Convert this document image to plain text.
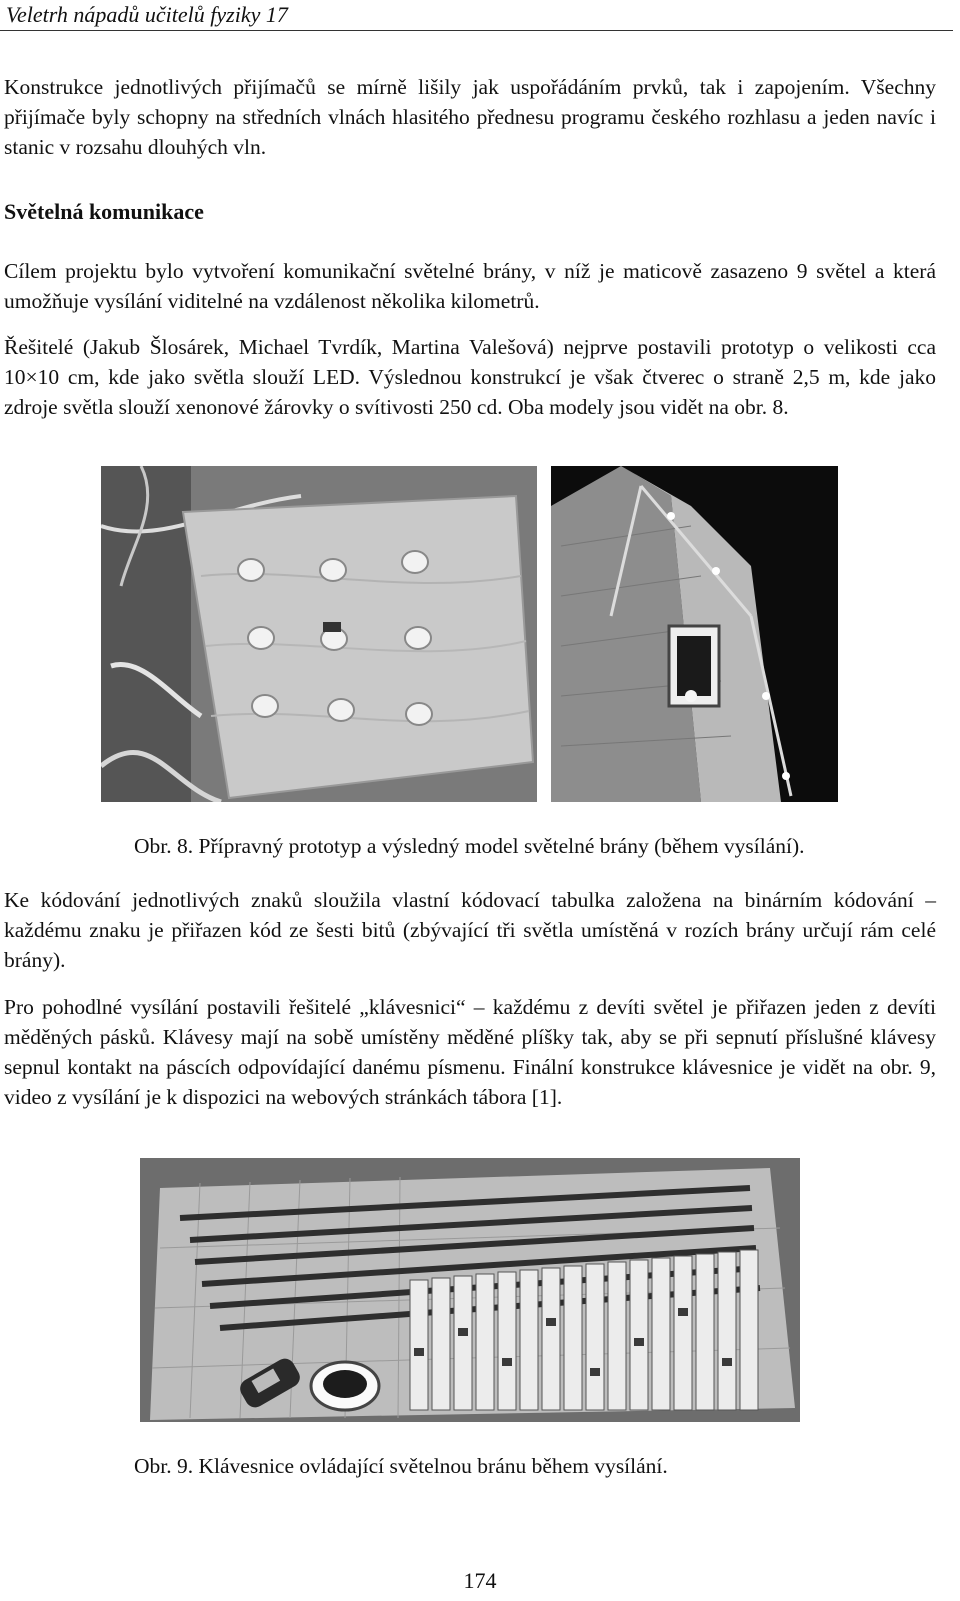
Veletrh nápadů učitelů fyziky 17
Konstrukce jednotlivých přijímačů se mírně lišily jak uspořádáním prvků, tak i zapojením. Všechny přijímače byly schopny na středních vlnách hlasitého přednesu programu českého rozhlasu a jeden navíc i stanic v rozsahu dlouhých vln.
Světelná komunikace
Cílem projektu bylo vytvoření komunikační světelné brány, v níž je maticově zasazeno 9 světel a která umožňuje vysílání viditelné na vzdálenost několika kilometrů.
Řešitelé (Jakub Šlosárek, Michael Tvrdík, Martina Valešová) nejprve postavili prototyp o velikosti cca 10×10 cm, kde jako světla slouží LED. Výslednou konstrukcí je však čtverec o straně 2,5 m, kde jako zdroje světla slouží xenonové žárovky o svítivosti 250 cd. Oba modely jsou vidět na obr. 8.
Obr. 8. Přípravný prototyp a výsledný model světelné brány (během vysílání).
Ke kódování jednotlivých znaků sloužila vlastní kódovací tabulka založena na binárním kódování – každému znaku je přiřazen kód ze šesti bitů (zbývající tři světla umístěná v rozích brány určují rám celé brány).
Pro pohodlné vysílání postavili řešitelé „klávesnici“ – každému z devíti světel je přiřazen jeden z devíti měděných pásků. Klávesy mají na sobě umístěny měděné plíšky tak, aby se při sepnutí příslušné klávesy sepnul kontakt na páscích odpovídající danému písmenu. Finální konstrukce klávesnice je vidět na obr. 9, video z vysílání je k dispozici na webových stránkách tábora [1].
Obr. 9. Klávesnice ovládající světelnou bránu během vysílání.
174
